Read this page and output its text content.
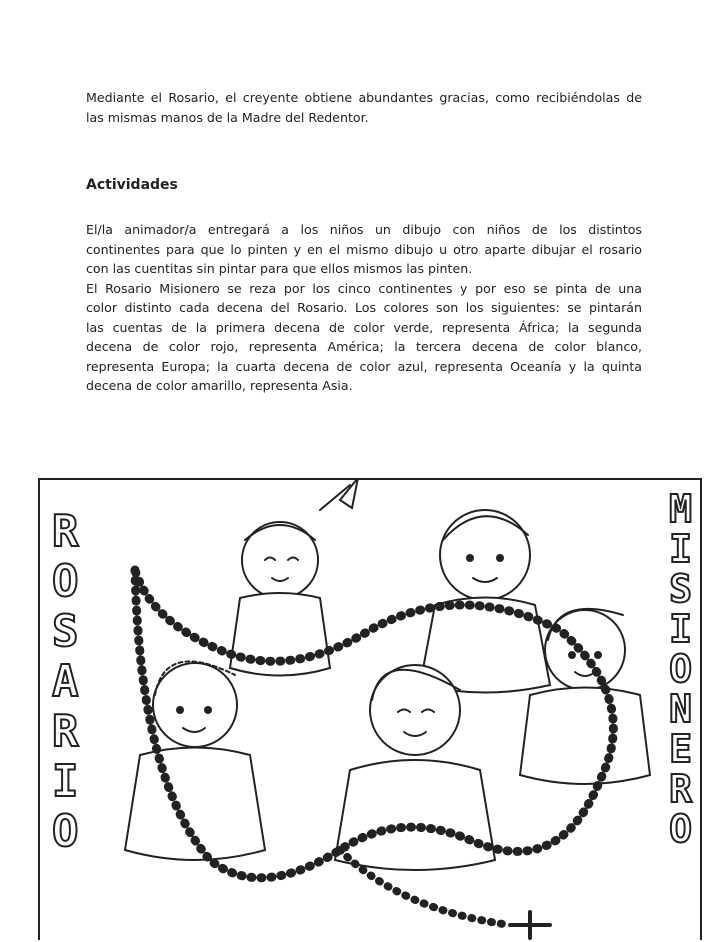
Mediante el Rosario, el creyente obtiene abundantes gracias, como recibiéndolas de
las mismas manos de la Madre del Redentor.
Actividades
El/la animador/a entregará a los niños un dibujo con niños de los distintos
continentes para que lo pinten y en el mismo dibujo u otro aparte dibujar el rosario
con las cuentitas sin pintar para que ellos mismos las pinten.
El Rosario Misionero se reza por los cinco continentes y por eso se pinta de una
color distinto cada decena del Rosario. Los colores son los siguientes: se pintarán
las cuentas de la primera decena de color verde, representa África; la segunda
decena de color rojo, representa América; la tercera decena de color blanco,
representa Europa; la cuarta decena de color azul, representa Oceanía y la quinta
decena de color amarillo, representa Asia.
R
O
S
A
R
I
O
M
I
S
I
O
N
E
R
O
